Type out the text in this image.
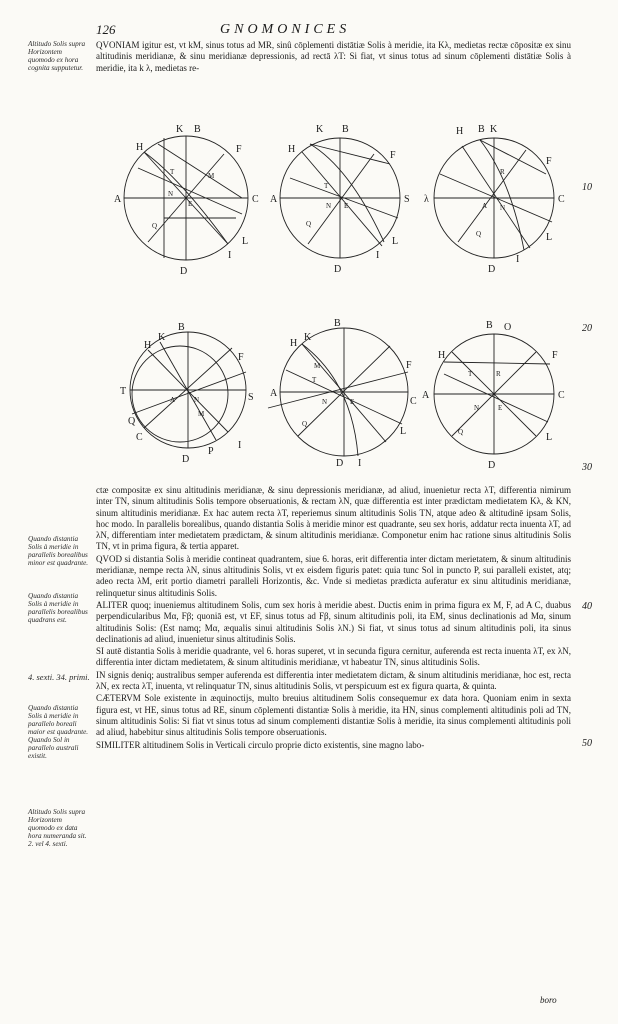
126	GNOMONICES
Altitudo Solis supra Horizontem quomodo ex hora cognita supputetur.
Quando distantia Solis à meridie in parallelis borealibus minor est quadrante.
Quando distantia Solis à meridie in parallelis borealibus quadrans est.
4. sexti. 34. primi.
Quando distantia Solis à meridie in parallelo boreali maior est quadrante. Quando Sol in parallelo australi existit.
Altitudo Solis supra Horizontem quomodo ex data hora numeranda sit. 2. vel 4. sexti.
10
20
30
40
50

QVONIAM igitur est, vt kM, sinus totus ad MR, sinû cōplementi distātiæ Solis à meridie, ita Kλ, medietas rectæ cōpositæ ex sinu altitudinis meridianæ, & sinu meridianæ depressionis, ad rectā λT: Si fiat, vt sinus totus ad sinum cōplementi distātiæ Solis à meridie, ita k λ, medietas re-

A	C
D
K B
H	F
L
I
Q
N
E
T	M
A	S
D
K B
H
F
L
I
N E
T
Q
λ	C
D
H B K
F
L
I
R
A N
Q
T
S
D
B
H
K
F
C
Q
P
I
A	N
M
A
C
B
F
H
K
L
D I
M
T
N	E
Q
A	C
D
B O
F
H
L
T	R
N	E
Q

ctæ compositæ ex sinu altitudinis meridianæ, & sinu depressionis meridianæ, ad aliud, inuenietur recta λT, differentia nimirum inter TN, sinum altitudinis Solis tempore obseruationis, & rectam λN, quæ differentia est inter prædictam medietatem Kλ, & KN, sinum altitudinis meridianæ. Ex hac autem recta λT, reperiemus sinum altitudinis Solis TN, atque adeo & altitudinē ipsam Solis, hoc modo. In parallelis borealibus, quando distantia Solis à meridie minor est quadrante, seu sex horis, addatur recta inuenta λT, ad λN, differentiam inter medietatem prædictam, & sinum altitudinis meridianæ. Componetur enim hac ratione sinus altitudinis Solis TN, vt in prima figura, & tertia apparet.

QVOD si distantia Solis à meridie contineat quadrantem, siue 6. horas, erit differentia inter dictam merietatem, & sinum altitudinis meridianæ, nempe recta λN, sinus altitudinis Solis, vt ex eisdem figuris patet: quia tunc Sol in puncto P, sui paralleli existet, atq; adeo recta λM, erit portio diametri paralleli Horizontis, &c. Vnde si medietas prædicta auferatur ex sinu altitudinis meridianæ, relinquetur sinus altitudinis Solis.

ALITER quoq; inueniemus altitudinem Solis, cum sex horis à meridie abest. Ductis enim in prima figura ex M, F, ad A C, duabus perpendicularibus Mα, Fβ; quoniā est, vt EF, sinus totus ad Fβ, sinum altitudinis poli, ita EM, sinus declinationis ad Mα, sinum altitudinis Solis: (Est namq; Mα, æqualis sinui altitudinis Solis λN.) Si fiat, vt sinus totus ad sinum altitudinis poli, ita sinus declinationis ad aliud, inuenietur sinus altitudinis Solis.

SI autē distantia Solis à meridie quadrante, vel 6. horas superet, vt in secunda figura cernitur, auferenda est recta inuenta λT, ex λN, differentia inter dictam medietatem, & sinum altitudinis meridianæ, vt habeatur TN, sinus altitudinis Solis.

IN signis deniq; australibus semper auferenda est differentia inter medietatem dictam, & sinum altitudinis meridianæ, hoc est, recta λN, ex recta λT, inuenta, vt relinquatur TN, sinus altitudinis Solis, vt perspicuum est ex figura quarta, & quinta.

CÆTERVM Sole existente in æquinoctijs, multo breuius altitudinem Solis consequemur ex data hora. Quoniam enim in sexta figura est, vt HE, sinus totus ad RE, sinum cōplementi distantiæ Solis à meridie, ita HN, sinus complementi altitudinis poli ad TN, sinum altitudinis Solis: Si fiat vt sinus totus ad sinum complementi distantiæ Solis à meridie, ita sinus complementi altitudinis poli ad aliud, habebitur sinus altitudinis Solis tempore obseruationis.

SIMILITER altitudinem Solis in Verticali circulo proprie dicto existentis, sine magno labo-

boro
